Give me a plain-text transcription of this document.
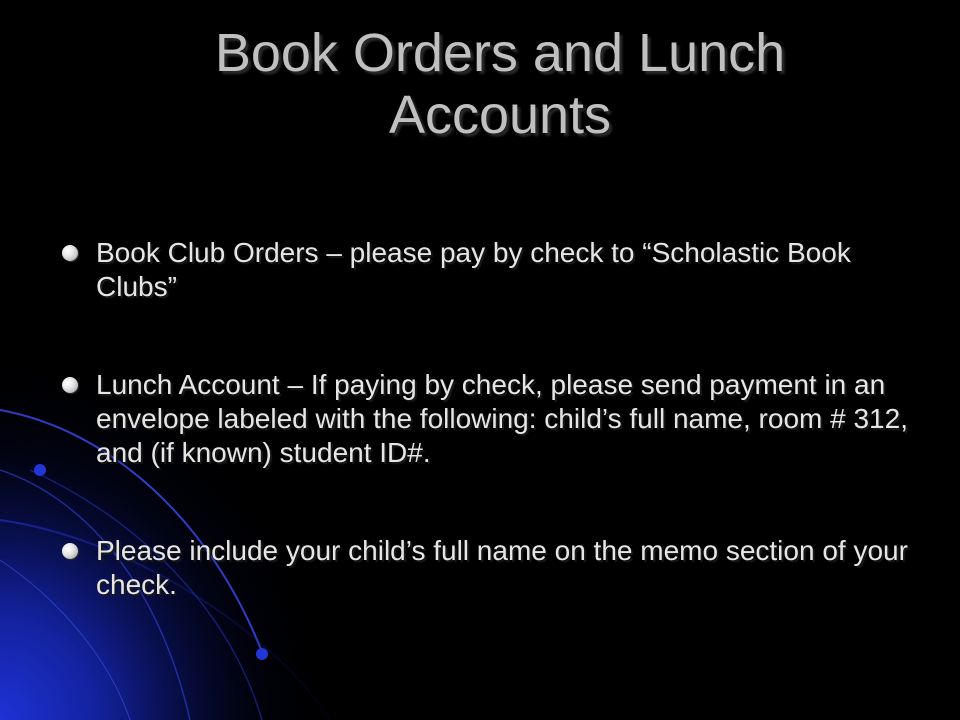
Book Orders and Lunch Accounts
Book Club Orders – please pay by check to “Scholastic Book Clubs”
Lunch Account – If paying by check, please send payment in an envelope labeled with the following: child’s full name, room # 312, and (if known) student ID#.
Please include your child’s full name on the memo section of your check.
